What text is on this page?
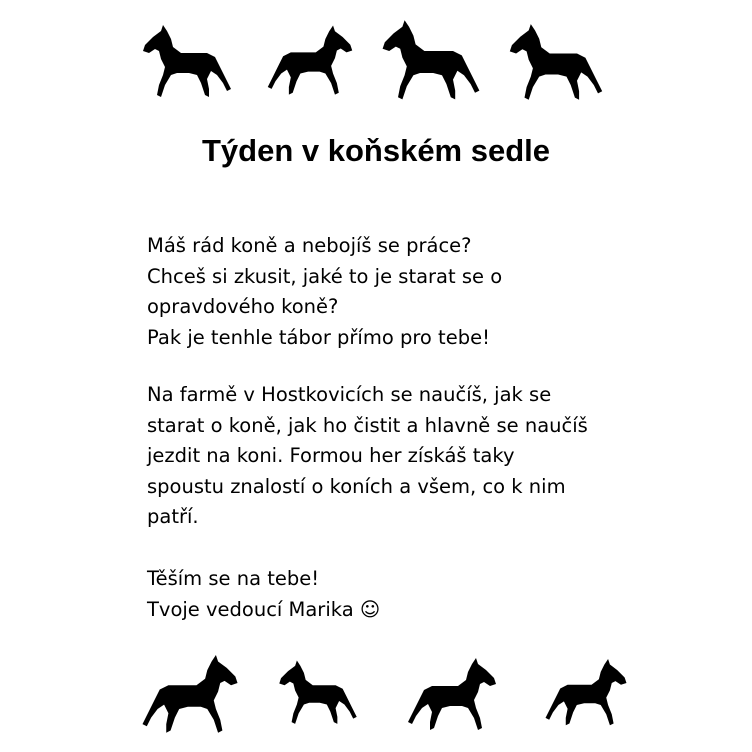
Týden v koňském sedle

Máš rád koně a nebojíš se práce?

Chceš si zkusit, jaké to je starat se o

opravdového koně?

Pak je tenhle tábor přímo pro tebe!

Na farmě v Hostkovicích se naučíš, jak se

starat o koně, jak ho čistit a hlavně se naučíš

jezdit na koni. Formou her získáš taky

spoustu znalostí o koních a všem, co k nim

patří.

Těším se na tebe!

Tvoje vedoucí Marika ☺
